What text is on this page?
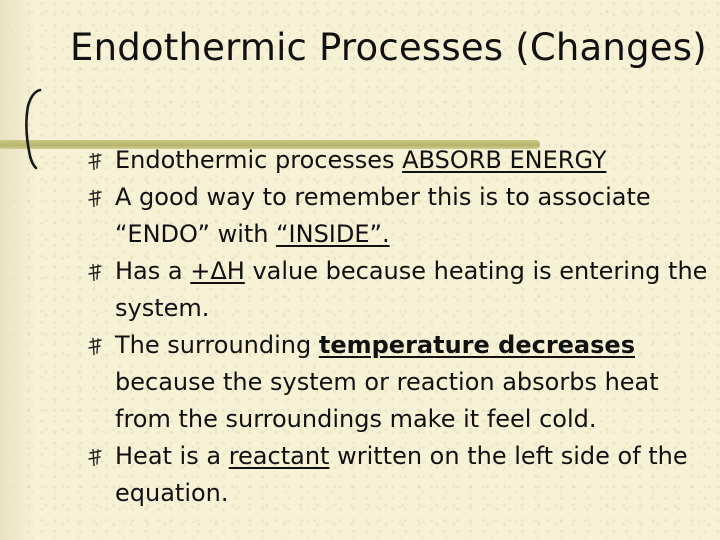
Endothermic Processes (Changes)
Endothermic processes ABSORB ENERGY
A good way to remember this is to associate “ENDO” with “INSIDE”.
Has a +ΔH value because heating is entering the system.
The surrounding temperature decreases because the system or reaction absorbs heat from the surroundings make it feel cold.
Heat is a reactant written on the left side of the equation.
